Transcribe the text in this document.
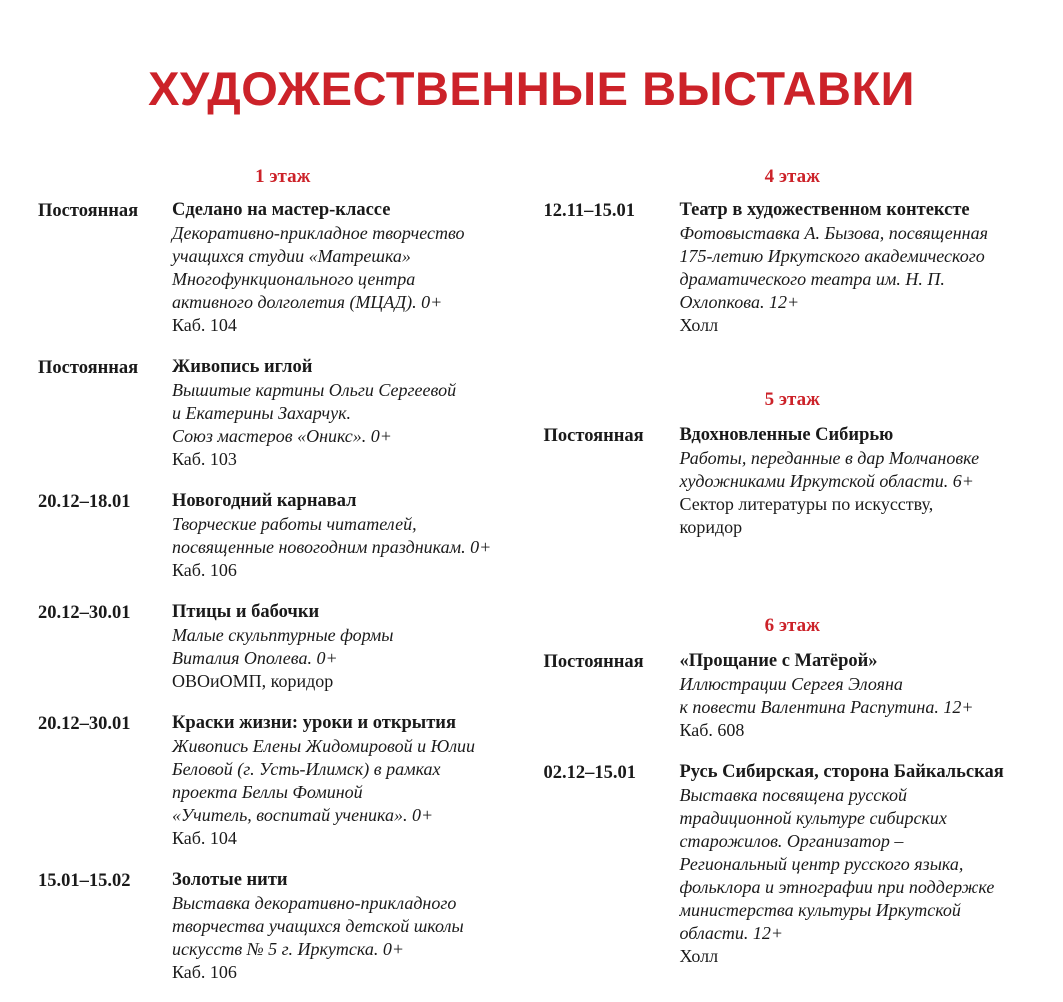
ХУДОЖЕСТВЕННЫЕ ВЫСТАВКИ
1 этаж
Постоянная	Сделано на мастер-классе
Декоративно-прикладное творчество
учащихся студии «Матрешка»
Многофункционального центра
активного долголетия (МЦАД). 0+
Каб. 104
Постоянная	Живопись иглой
Вышитые картины Ольги Сергеевой
и Екатерины Захарчук.
Союз мастеров «Оникс». 0+
Каб. 103
20.12–18.01	Новогодний карнавал
Творческие работы читателей,
посвященные новогодним праздникам. 0+
Каб. 106
20.12–30.01	Птицы и бабочки
Малые скульптурные формы
Виталия Ополева. 0+
ОВОиОМП, коридор
20.12–30.01	Краски жизни: уроки и открытия
Живопись Елены Жидомировой и Юлии
Беловой (г. Усть-Илимск) в рамках
проекта Беллы Фоминой
«Учитель, воспитай ученика». 0+
Каб. 104
15.01–15.02	Золотые нити
Выставка декоративно-прикладного
творчества учащихся детской школы
искусств № 5 г. Иркутска. 0+
Каб. 106
4 этаж
12.11–15.01	Театр в художественном контексте
Фотовыставка А. Бызова, посвященная
175-летию Иркутского академического
драматического театра им. Н. П.
Охлопкова. 12+
Холл
5 этаж
Постоянная	Вдохновленные Сибирью
Работы, переданные в дар Молчановке
художниками Иркутской области. 6+
Сектор литературы по искусству,
коридор
6 этаж
Постоянная	«Прощание с Матёрой»
Иллюстрации Сергея Элояна
к повести Валентина Распутина. 12+
Каб. 608
02.12–15.01	Русь Сибирская, сторона Байкальская
Выставка посвящена русской
традиционной культуре сибирских
старожилов. Организатор –
Региональный центр русского языка,
фольклора и этнографии при поддержке
министерства культуры Иркутской
области. 12+
Холл
